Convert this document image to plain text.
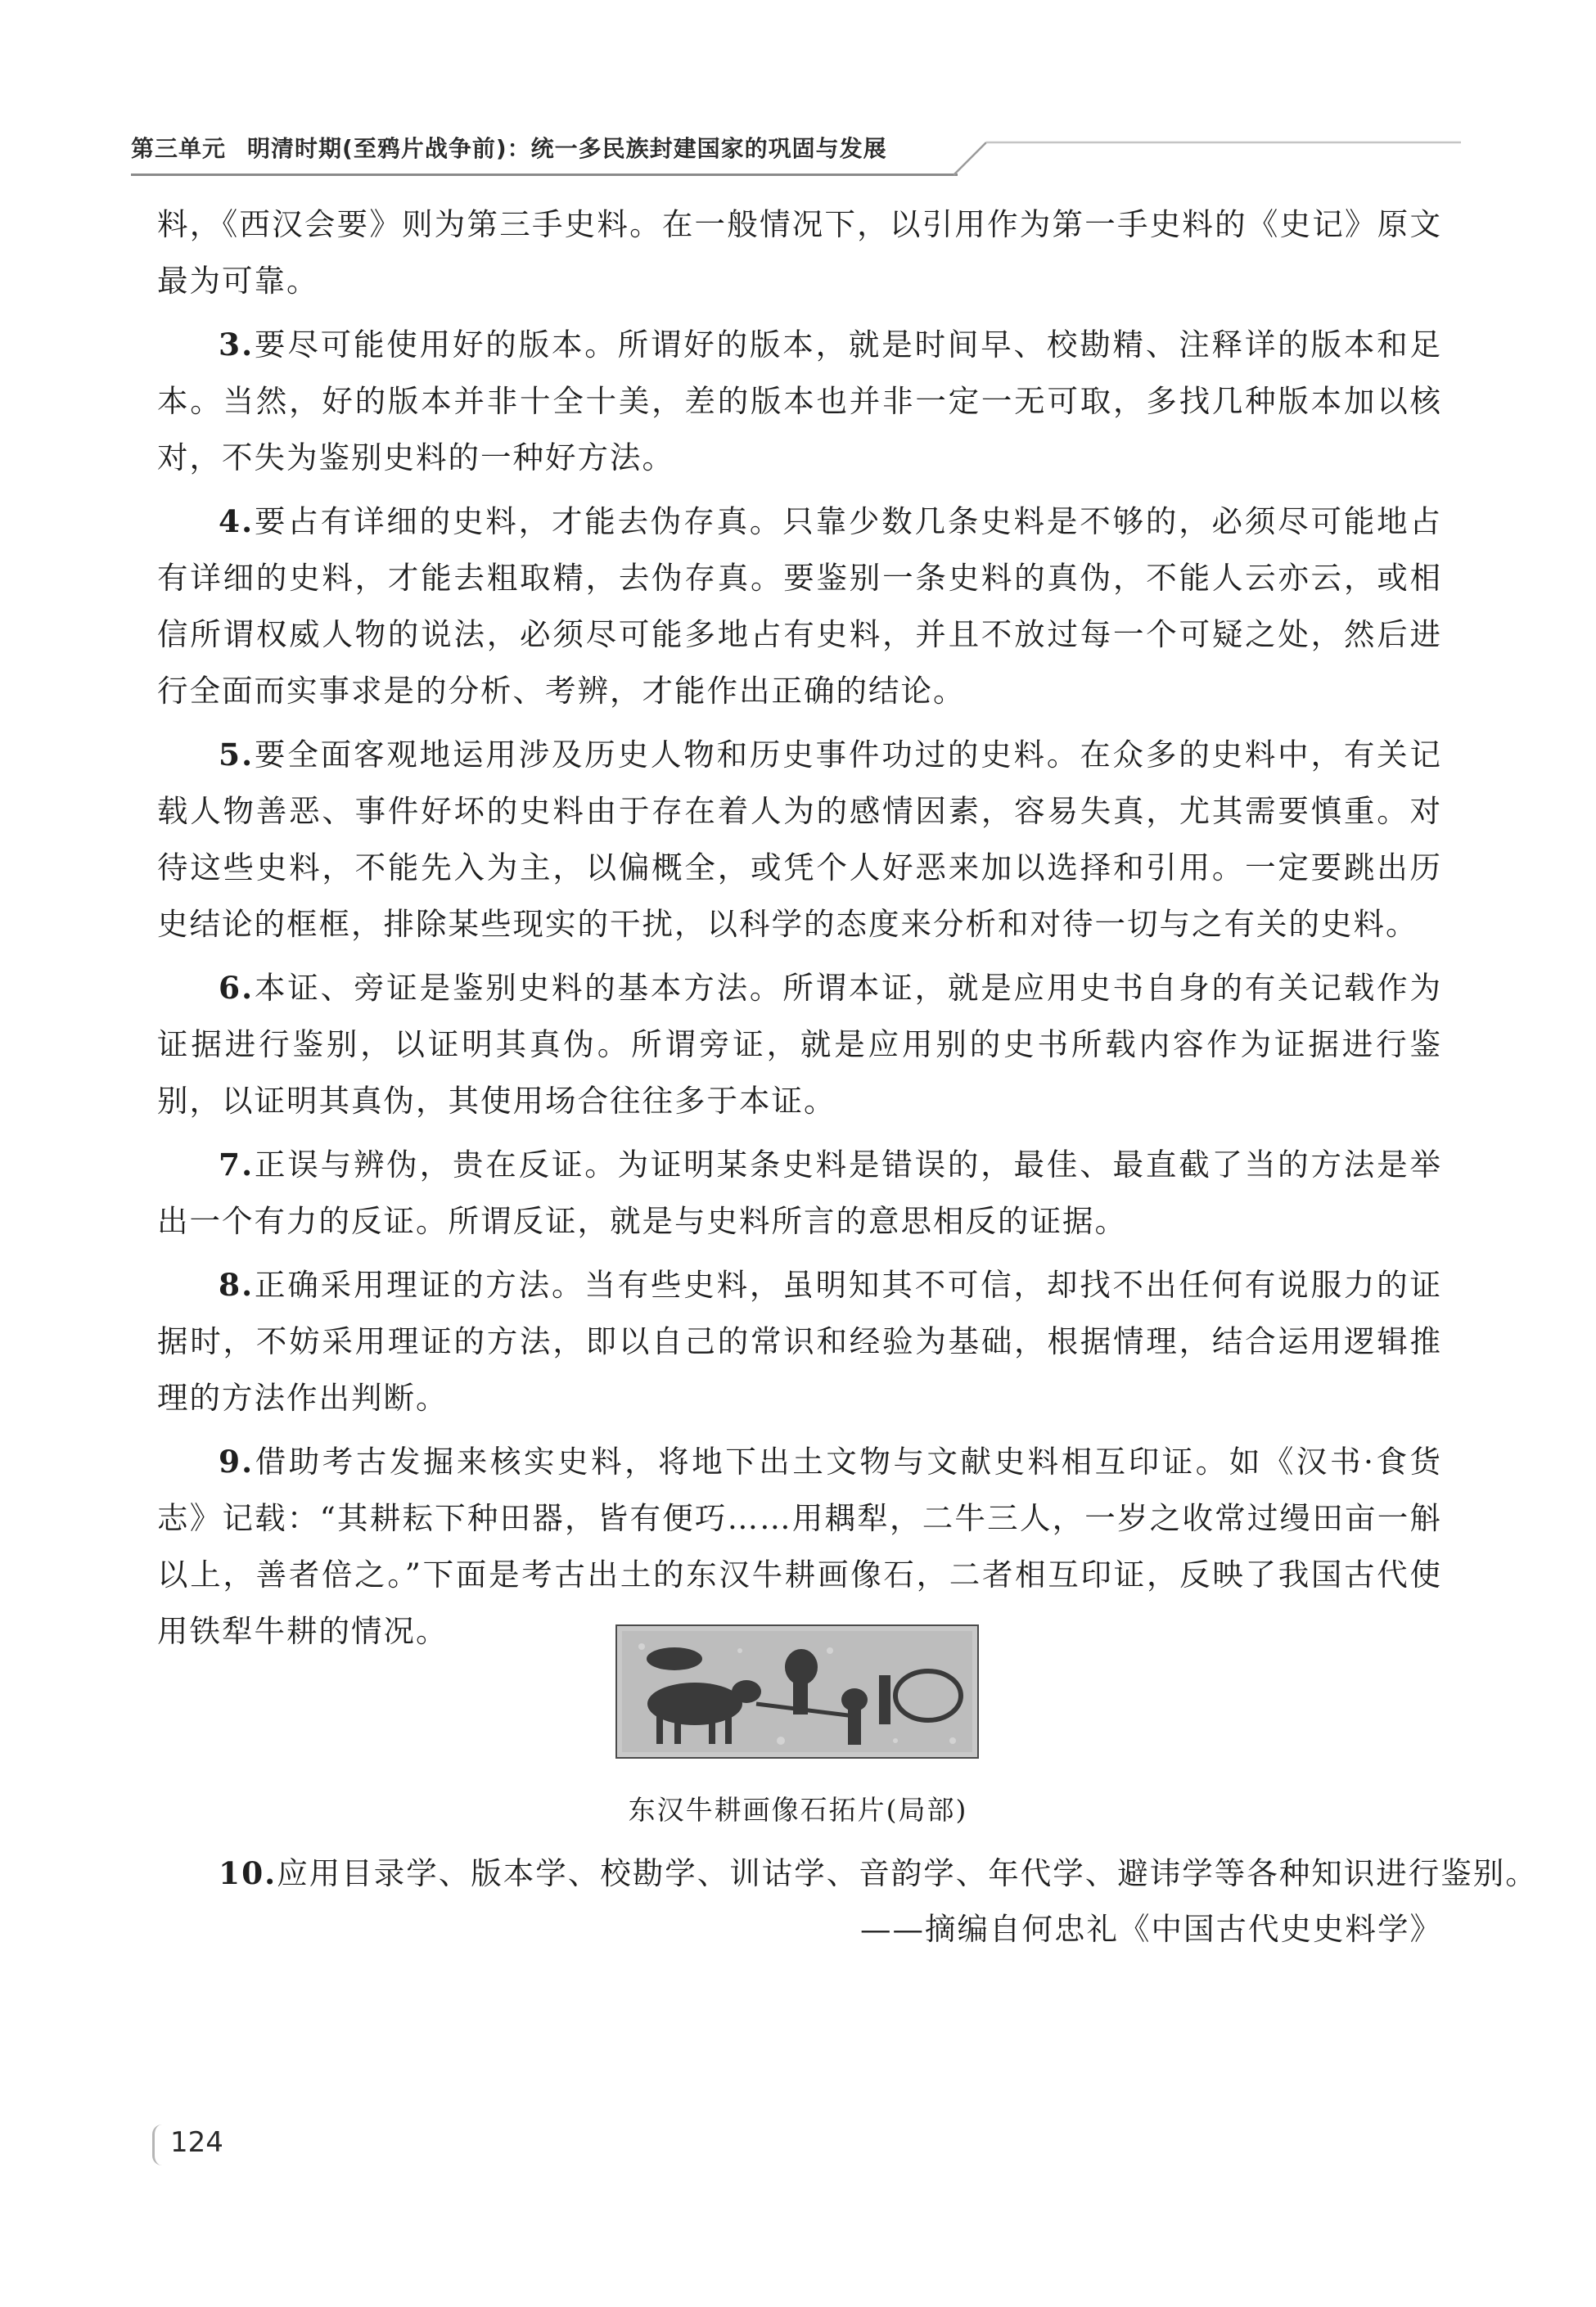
第三单元 明清时期(至鸦片战争前)：统一多民族封建国家的巩固与发展

料，《西汉会要》则为第三手史料。在一般情况下，以引用作为第一手史料的《史记》原文最为可靠。

3.要尽可能使用好的版本。所谓好的版本，就是时间早、校勘精、注释详的版本和足本。当然，好的版本并非十全十美，差的版本也并非一定一无可取，多找几种版本加以核对，不失为鉴别史料的一种好方法。

4.要占有详细的史料，才能去伪存真。只靠少数几条史料是不够的，必须尽可能地占有详细的史料，才能去粗取精，去伪存真。要鉴别一条史料的真伪，不能人云亦云，或相信所谓权威人物的说法，必须尽可能多地占有史料，并且不放过每一个可疑之处，然后进行全面而实事求是的分析、考辨，才能作出正确的结论。

5.要全面客观地运用涉及历史人物和历史事件功过的史料。在众多的史料中，有关记载人物善恶、事件好坏的史料由于存在着人为的感情因素，容易失真，尤其需要慎重。对待这些史料，不能先入为主，以偏概全，或凭个人好恶来加以选择和引用。一定要跳出历史结论的框框，排除某些现实的干扰，以科学的态度来分析和对待一切与之有关的史料。

6.本证、旁证是鉴别史料的基本方法。所谓本证，就是应用史书自身的有关记载作为证据进行鉴别，以证明其真伪。所谓旁证，就是应用别的史书所载内容作为证据进行鉴别，以证明其真伪，其使用场合往往多于本证。

7.正误与辨伪，贵在反证。为证明某条史料是错误的，最佳、最直截了当的方法是举出一个有力的反证。所谓反证，就是与史料所言的意思相反的证据。

8.正确采用理证的方法。当有些史料，虽明知其不可信，却找不出任何有说服力的证据时，不妨采用理证的方法，即以自己的常识和经验为基础，根据情理，结合运用逻辑推理的方法作出判断。

9.借助考古发掘来核实史料，将地下出土文物与文献史料相互印证。如《汉书·食货志》记载：“其耕耘下种田器，皆有便巧……用耦犁，二牛三人，一岁之收常过缦田亩一斛以上，善者倍之。”下面是考古出土的东汉牛耕画像石，二者相互印证，反映了我国古代使用铁犁牛耕的情况。

东汉牛耕画像石拓片(局部)
10.应用目录学、版本学、校勘学、训诂学、音韵学、年代学、避讳学等各种知识进行鉴别。
——摘编自何忠礼《中国古代史史料学》
124
